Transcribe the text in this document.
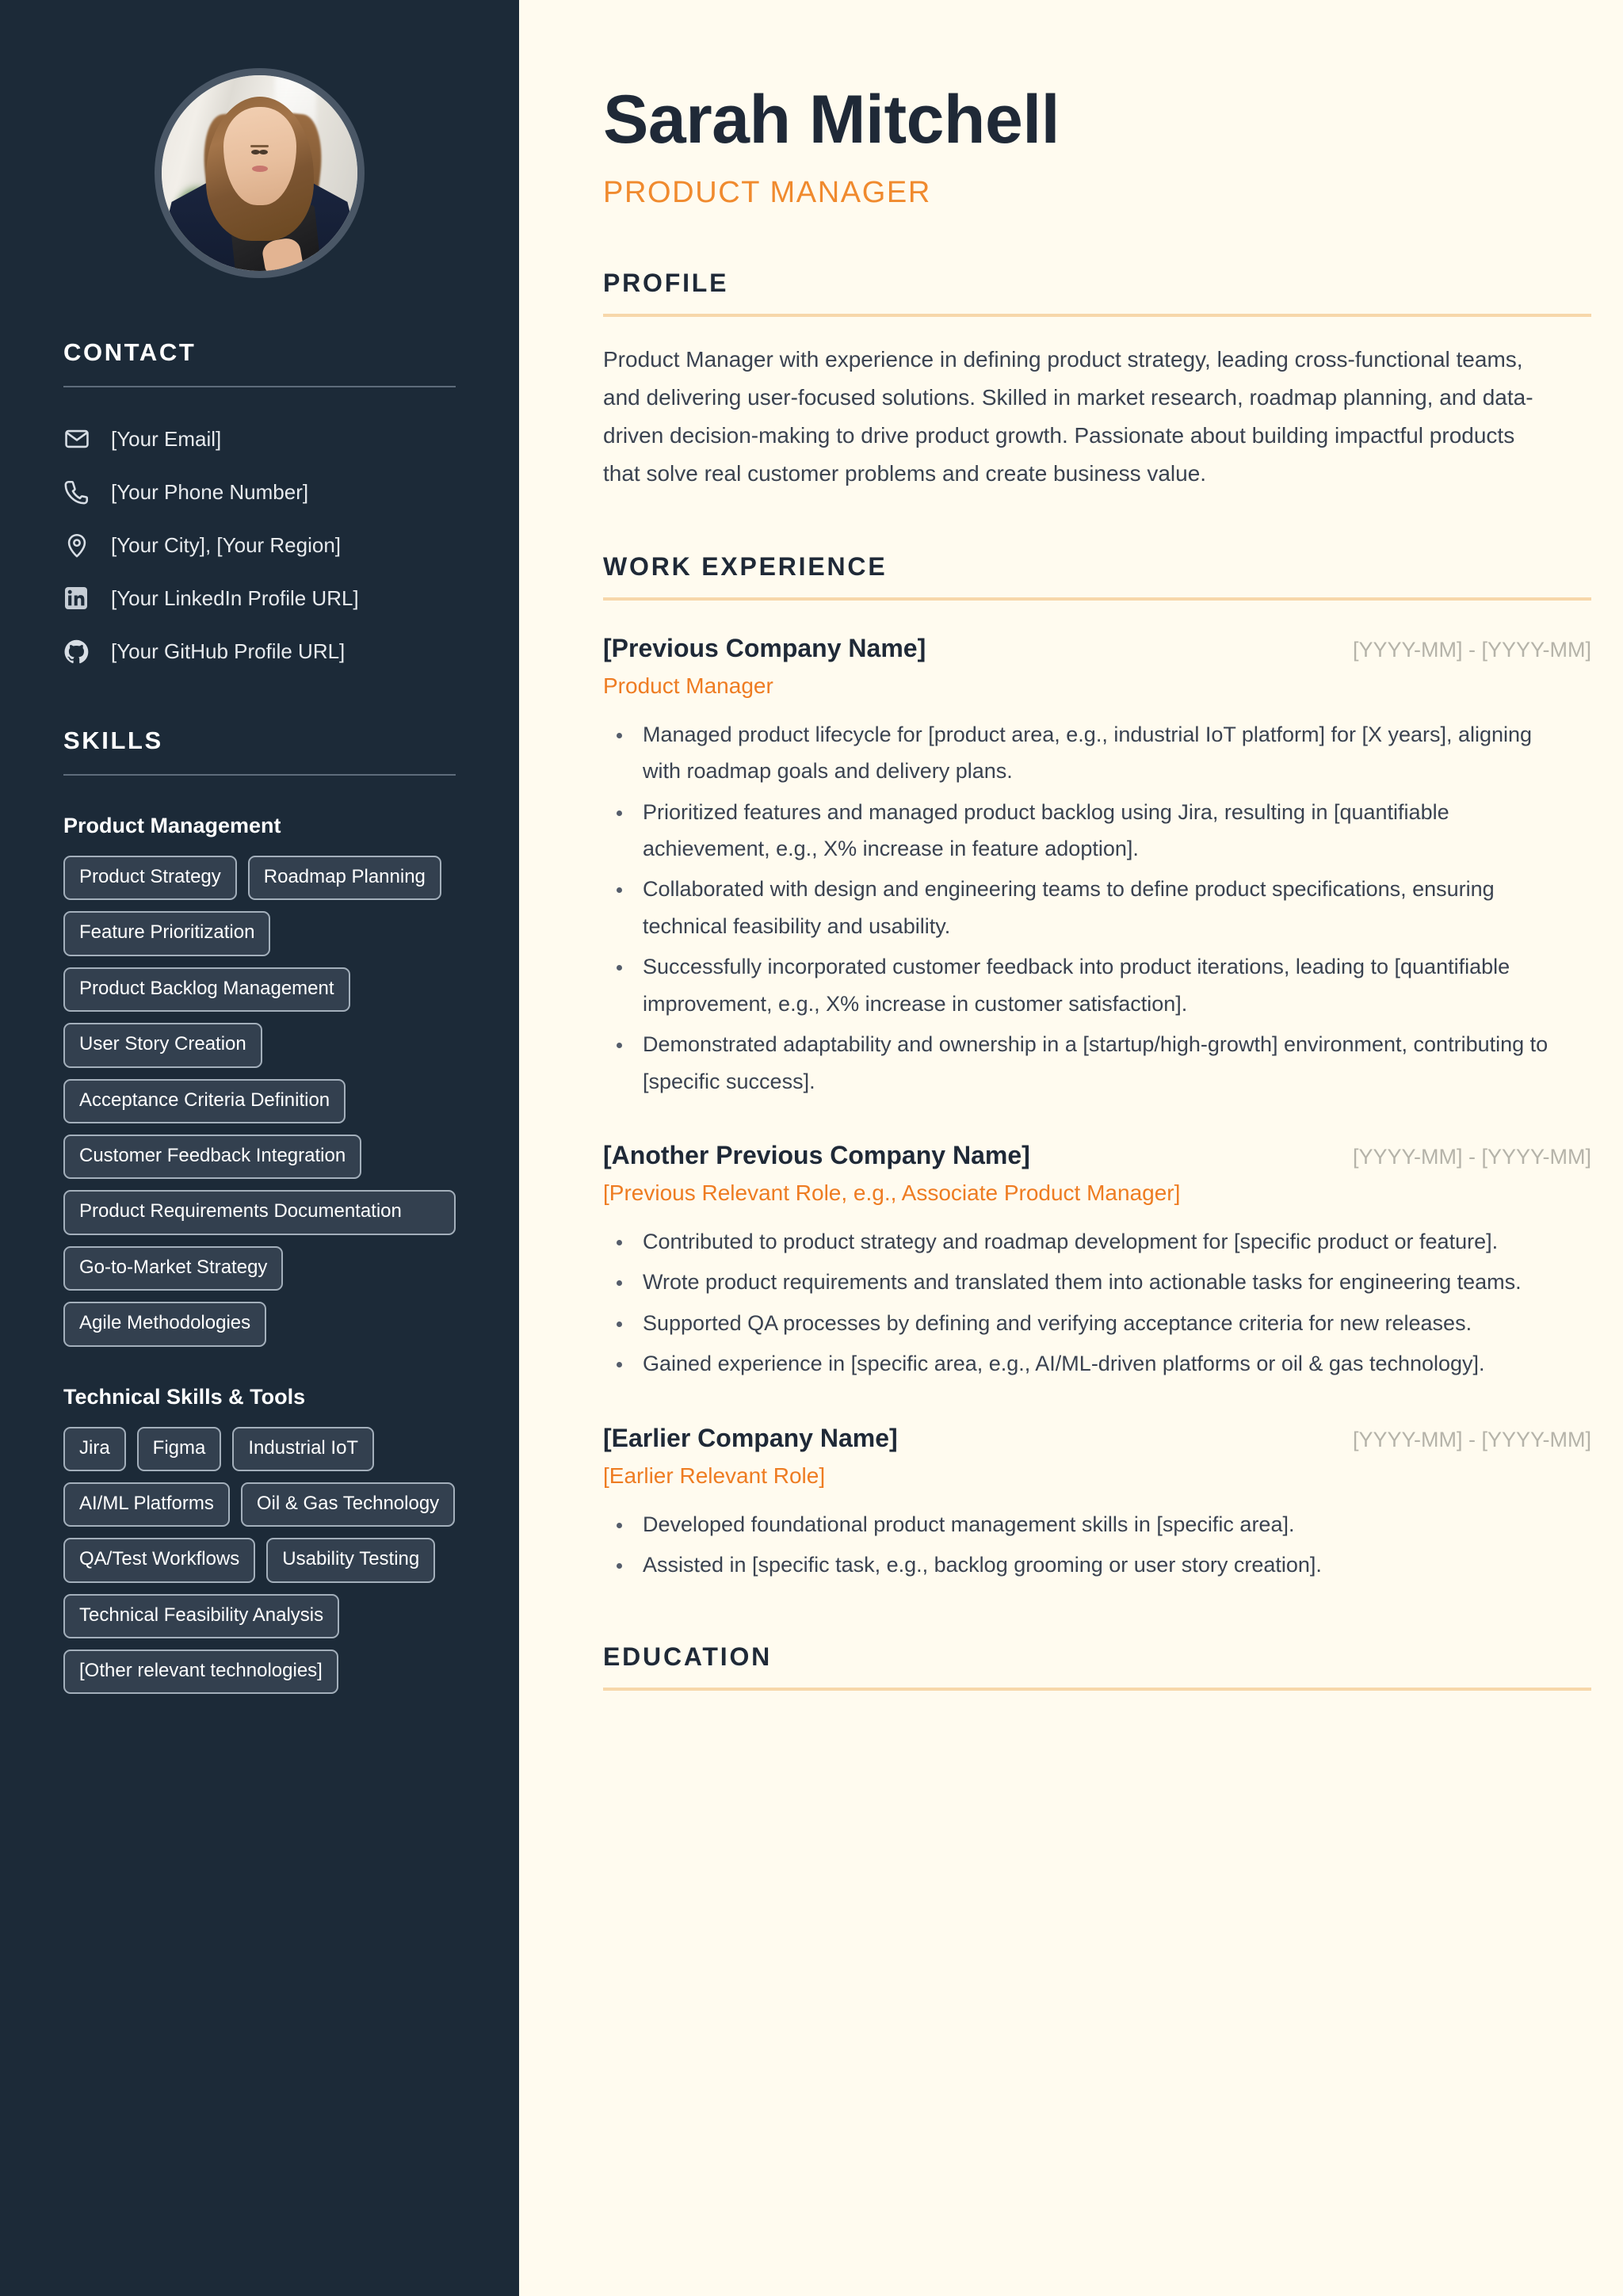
CONTACT
[Your Email]
[Your Phone Number]
[Your City], [Your Region]
[Your LinkedIn Profile URL]
[Your GitHub Profile URL]
SKILLS
Product Management
Product Strategy	Roadmap Planning
Feature Prioritization
Product Backlog Management
User Story Creation
Acceptance Criteria Definition
Customer Feedback Integration
Product Requirements Documentation
Go-to-Market Strategy
Agile Methodologies
Technical Skills & Tools
Jira	Figma	Industrial IoT
AI/ML Platforms	Oil & Gas Technology
QA/Test Workflows	Usability Testing
Technical Feasibility Analysis
[Other relevant technologies]
Sarah Mitchell
PRODUCT MANAGER
PROFILE

Product Manager with experience in defining product strategy, leading cross-functional teams, and delivering user-focused solutions. Skilled in market research, roadmap planning, and data-driven decision-making to drive product growth. Passionate about building impactful products that solve real customer problems and create business value.

WORK EXPERIENCE
[Previous Company Name]	[YYYY-MM] - [YYYY-MM]
Product Manager
• Managed product lifecycle for [product area, e.g., industrial IoT platform] for [X years], aligning with roadmap goals and delivery plans.
• Prioritized features and managed product backlog using Jira, resulting in [quantifiable achievement, e.g., X% increase in feature adoption].
• Collaborated with design and engineering teams to define product specifications, ensuring technical feasibility and usability.
• Successfully incorporated customer feedback into product iterations, leading to [quantifiable improvement, e.g., X% increase in customer satisfaction].
• Demonstrated adaptability and ownership in a [startup/high-growth] environment, contributing to [specific success].
[Another Previous Company Name]	[YYYY-MM] - [YYYY-MM]
[Previous Relevant Role, e.g., Associate Product Manager]
• Contributed to product strategy and roadmap development for [specific product or feature].
• Wrote product requirements and translated them into actionable tasks for engineering teams.
• Supported QA processes by defining and verifying acceptance criteria for new releases.
• Gained experience in [specific area, e.g., AI/ML-driven platforms or oil & gas technology].
[Earlier Company Name]	[YYYY-MM] - [YYYY-MM]
[Earlier Relevant Role]
• Developed foundational product management skills in [specific area].
• Assisted in [specific task, e.g., backlog grooming or user story creation].
EDUCATION
